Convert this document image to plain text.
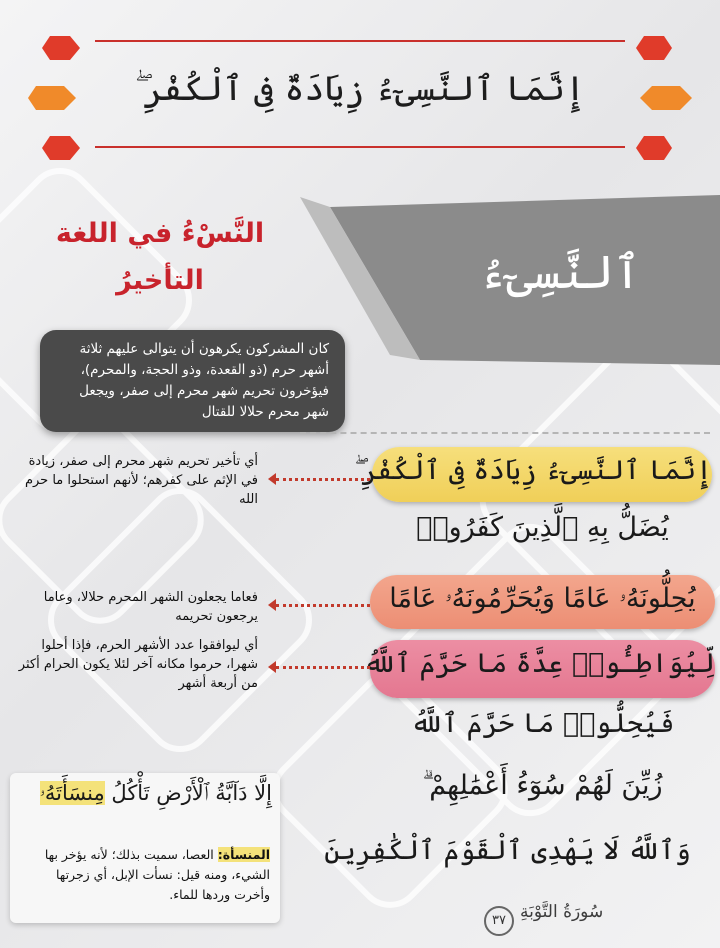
إِنَّمَا ٱلنَّسِىٓءُ زِيَادَةٌ فِى ٱلْكُفْرِ ۖ
ٱلنَّسِىٓءُ
النَّسْءُ في اللغة
التأخيرُ
كان المشركون يكرهون أن يتوالى عليهم ثلاثة أشهر حرم (ذو القعدة، وذو الحجة، والمحرم)، فيؤخرون تحريم شهر محرم إلى صفر، ويجعل شهر محرم حلالا للقتال
إِنَّمَا ٱلنَّسِىٓءُ زِيَادَةٌ فِى ٱلْكُفْرِ ۖ
يُضَلُّ بِهِ ٱلَّذِينَ كَفَرُوا۟
يُحِلُّونَهُۥ عَامًا وَيُحَرِّمُونَهُۥ عَامًا
لِّيُوَاطِـُٔوا۟ عِدَّةَ مَا حَرَّمَ ٱللَّهُ
فَيُحِلُّوا۟ مَا حَرَّمَ ٱللَّهُ
زُيِّنَ لَهُمْ سُوٓءُ أَعْمَٰلِهِمْ ۗ
وَٱللَّهُ لَا يَهْدِى ٱلْقَوْمَ ٱلْكَٰفِرِينَ
أي تأخير تحريم شهر محرم إلى صفر، زيادة في الإثم على كفرهم؛ لأنهم استحلوا ما حرم الله
فعاما يجعلون الشهر المحرم حلالا، وعاما يرجعون تحريمه
أي ليوافقوا عدد الأشهر الحرم، فإذا أحلوا شهرا، حرموا مكانه آخر لئلا يكون الحرام أكثر من أربعة أشهر
إِلَّا دَآبَّةُ ٱلْأَرْضِ تَأْكُلُ مِنسَأَتَهُۥ
المنسأة: العصا، سميت بذلك؛ لأنه يؤخر بها الشيء، ومنه قيل: نسأت الإبل، أي زجرتها وأخرت وردها للماء.
٣٧ سُورَةُ التَّوْبَةِ
